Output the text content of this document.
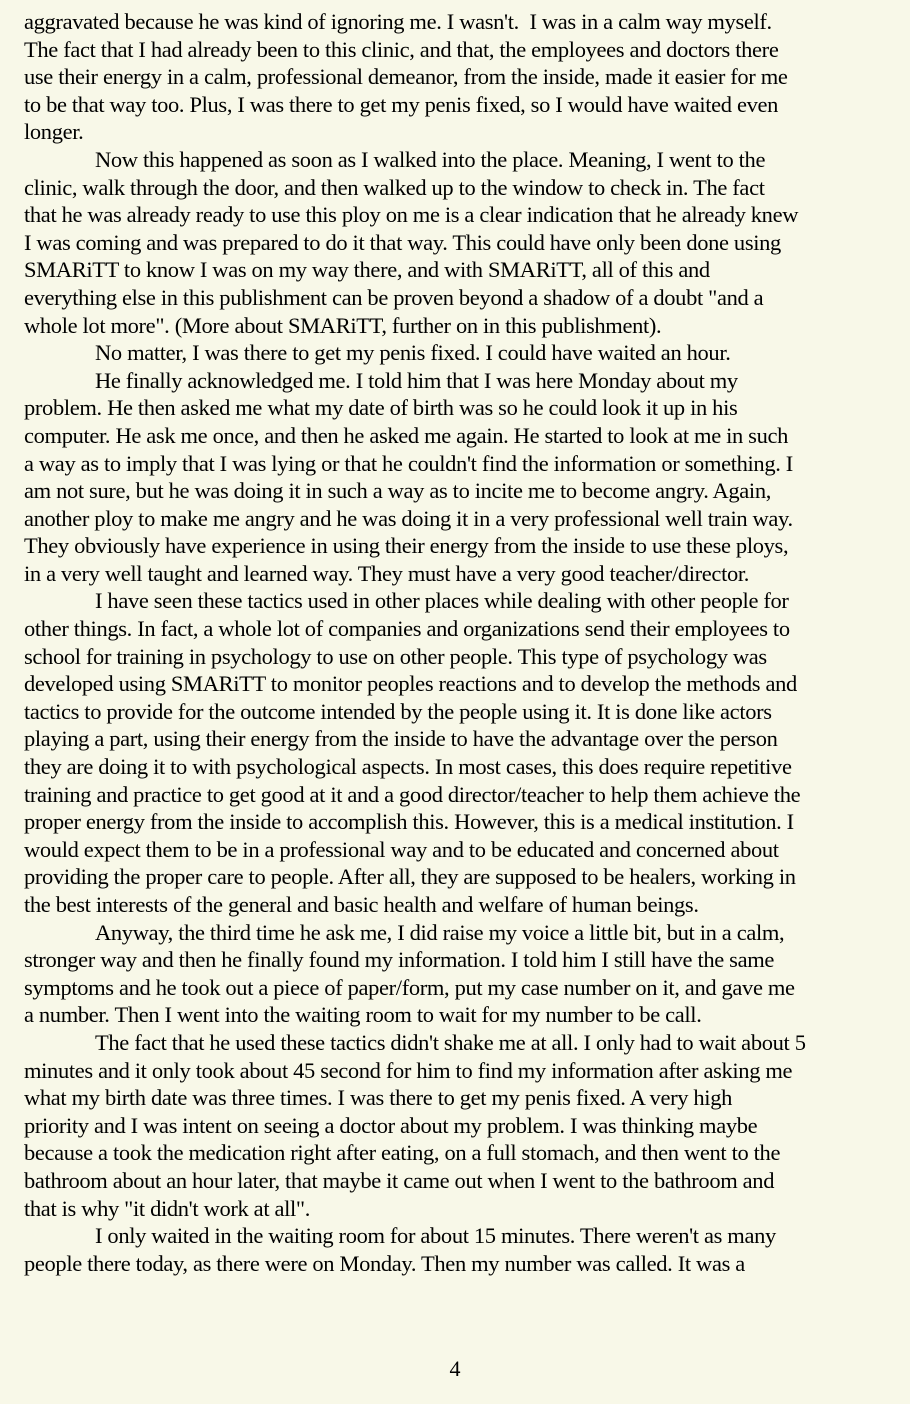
aggravated because he was kind of ignoring me. I wasn't.  I was in a calm way myself.
The fact that I had already been to this clinic, and that, the employees and doctors there
use their energy in a calm, professional demeanor, from the inside, made it easier for me
to be that way too. Plus, I was there to get my penis fixed, so I would have waited even
longer.
Now this happened as soon as I walked into the place. Meaning, I went to the
clinic, walk through the door, and then walked up to the window to check in. The fact
that he was already ready to use this ploy on me is a clear indication that he already knew
I was coming and was prepared to do it that way. This could have only been done using
SMARiTT to know I was on my way there, and with SMARiTT, all of this and
everything else in this publishment can be proven beyond a shadow of a doubt "and a
whole lot more". (More about SMARiTT, further on in this publishment).
No matter, I was there to get my penis fixed. I could have waited an hour.
He finally acknowledged me. I told him that I was here Monday about my
problem. He then asked me what my date of birth was so he could look it up in his
computer. He ask me once, and then he asked me again. He started to look at me in such
a way as to imply that I was lying or that he couldn't find the information or something. I
am not sure, but he was doing it in such a way as to incite me to become angry. Again,
another ploy to make me angry and he was doing it in a very professional well train way.
They obviously have experience in using their energy from the inside to use these ploys,
in a very well taught and learned way. They must have a very good teacher/director.
I have seen these tactics used in other places while dealing with other people for
other things. In fact, a whole lot of companies and organizations send their employees to
school for training in psychology to use on other people. This type of psychology was
developed using SMARiTT to monitor peoples reactions and to develop the methods and
tactics to provide for the outcome intended by the people using it. It is done like actors
playing a part, using their energy from the inside to have the advantage over the person
they are doing it to with psychological aspects. In most cases, this does require repetitive
training and practice to get good at it and a good director/teacher to help them achieve the
proper energy from the inside to accomplish this. However, this is a medical institution. I
would expect them to be in a professional way and to be educated and concerned about
providing the proper care to people. After all, they are supposed to be healers, working in
the best interests of the general and basic health and welfare of human beings.
Anyway, the third time he ask me, I did raise my voice a little bit, but in a calm,
stronger way and then he finally found my information. I told him I still have the same
symptoms and he took out a piece of paper/form, put my case number on it, and gave me
a number. Then I went into the waiting room to wait for my number to be call.
The fact that he used these tactics didn't shake me at all. I only had to wait about 5
minutes and it only took about 45 second for him to find my information after asking me
what my birth date was three times. I was there to get my penis fixed. A very high
priority and I was intent on seeing a doctor about my problem. I was thinking maybe
because a took the medication right after eating, on a full stomach, and then went to the
bathroom about an hour later, that maybe it came out when I went to the bathroom and
that is why "it didn't work at all".
I only waited in the waiting room for about 15 minutes. There weren't as many
people there today, as there were on Monday. Then my number was called. It was a
4
